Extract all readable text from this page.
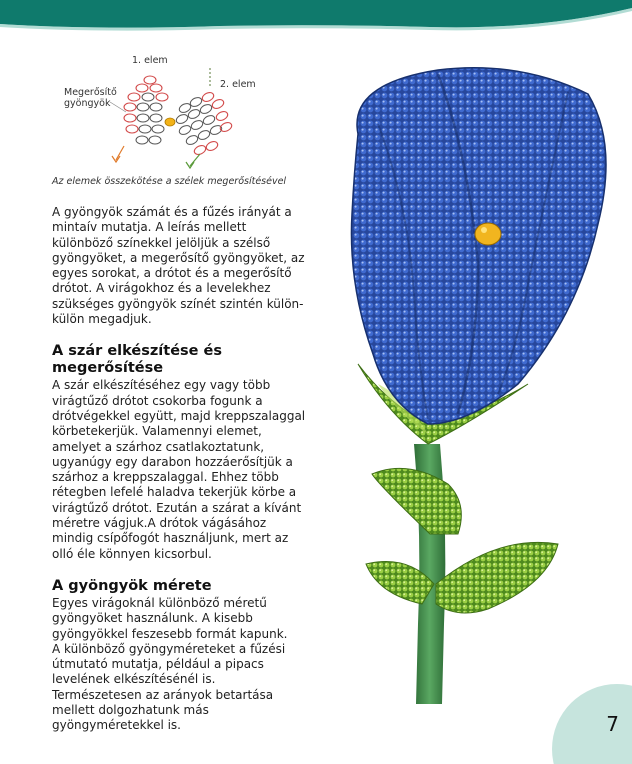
1. elem
2. elem
Megerősítő
gyöngyök
Az elemek összekötése a szélek megerősítésével

A gyöngyök számát és a fűzés irányát a mintaív mutatja. A leírás mellett különböző színekkel jelöljük a szélső gyöngyöket, a megerősítő gyöngyöket, az egyes sorokat, a drótot és a megerősítő drótot. A virágokhoz és a levelekhez szükséges gyöngyök színét szintén külön-külön megadjuk.

A szár elkészítése és megerősítése

A szár elkészítéséhez egy vagy több virágtűző drótot csokorba fogunk a drótvégekkel együtt, majd kreppszalaggal körbetekerjük. Valamennyi elemet, amelyet a szárhoz csatlakoztatunk, ugyanúgy egy darabon hozzáerősítjük a szárhoz a kreppszalaggal. Ehhez több rétegben lefelé haladva tekerjük körbe a virágtűző drótot. Ezután a szárat a kívánt méretre vágjuk.A drótok vágásához mindig csípőfogót használjunk, mert az olló éle könnyen kicsorbul.

A gyöngyök mérete

Egyes virágoknál különböző méretű gyöngyöket használunk. A kisebb gyöngyökkel feszesebb formát kapunk.

A különböző gyöngyméreteket a fűzési útmutató mutatja, például a pipacs levelének elkészítésénél is.

Természetesen az arányok betartása mellett dolgozhatunk más gyöngyméretekkel is.	7
